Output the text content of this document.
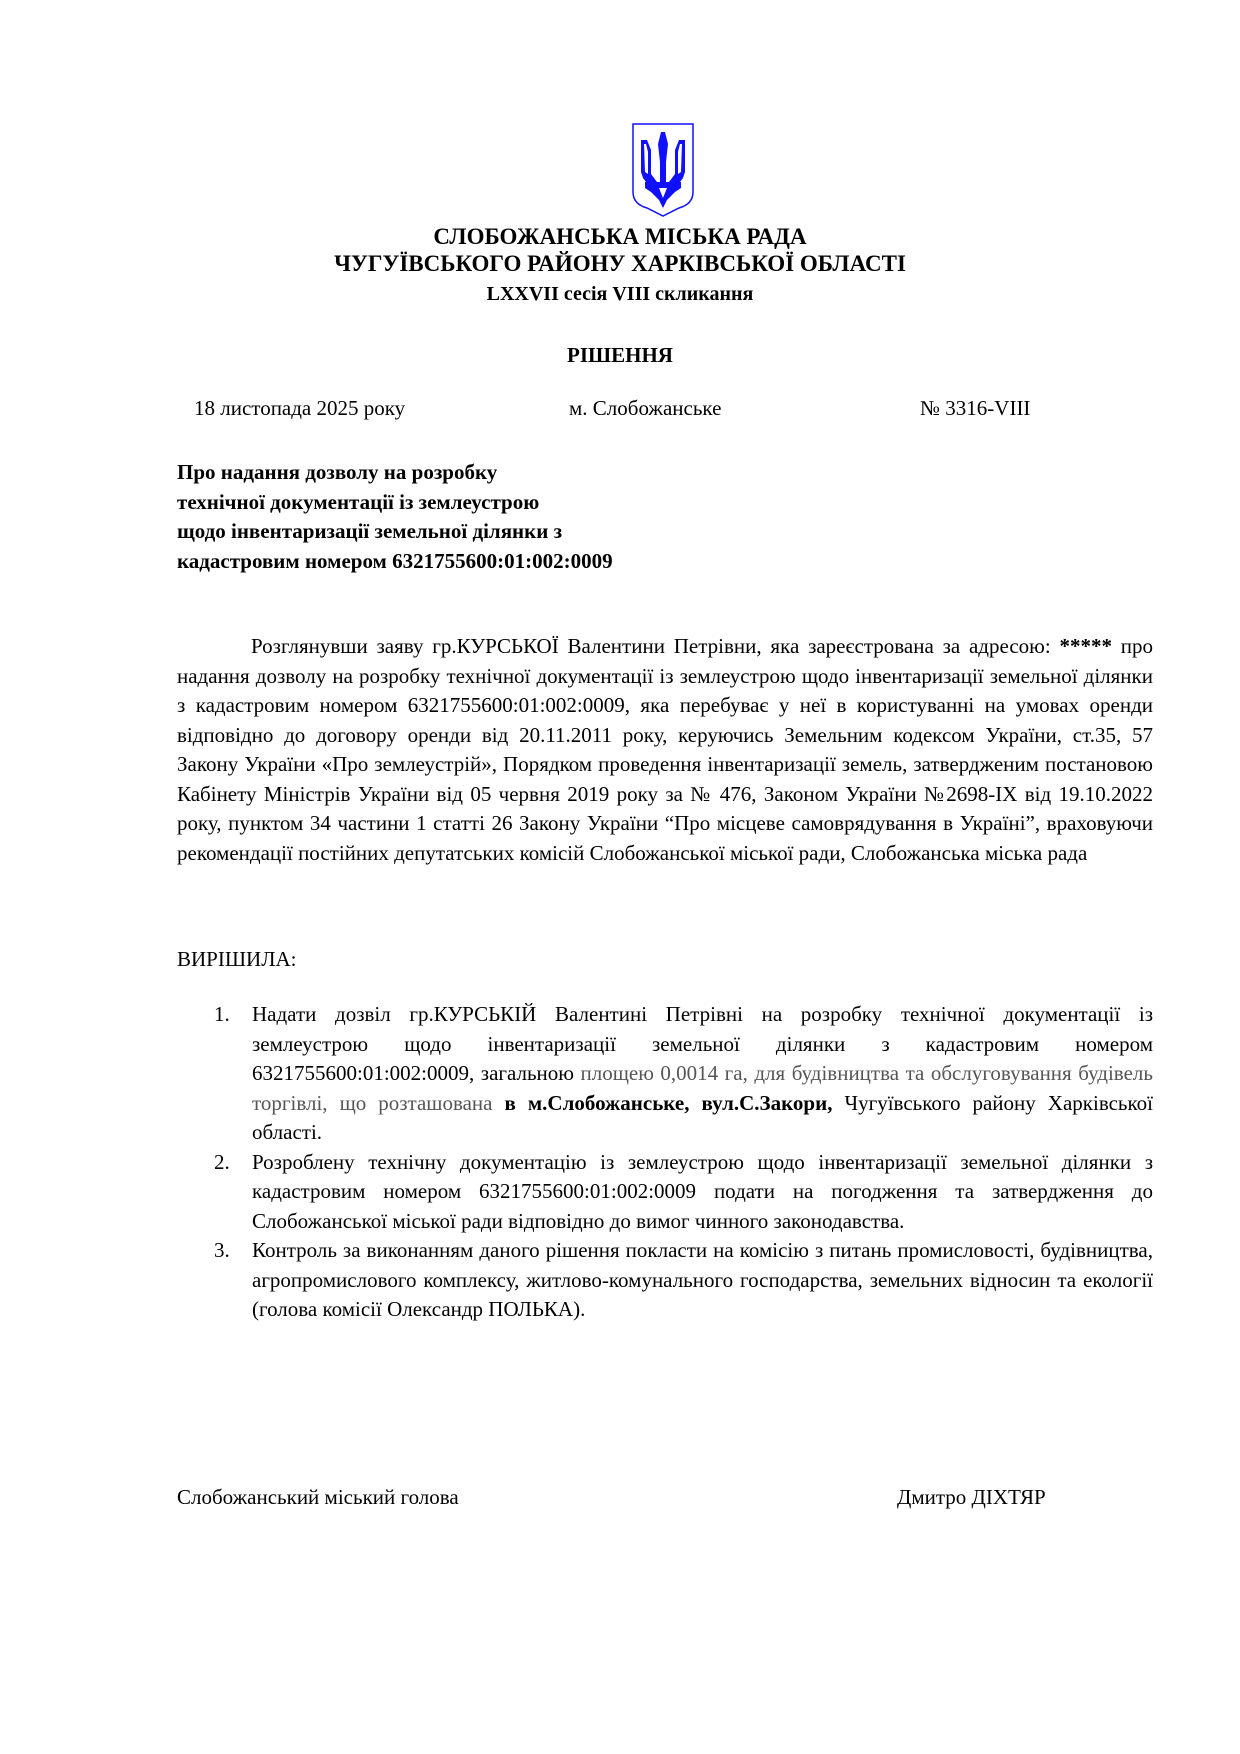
СЛОБОЖАНСЬКА МІСЬКА РАДА
ЧУГУЇВСЬКОГО РАЙОНУ ХАРКІВСЬКОЇ ОБЛАСТІ
LXXVII сесія VIII скликання
РІШЕННЯ
18 листопада 2025 року	м. Слобожанське	№ 3316-VIII
Про надання дозволу на розробку
технічної документації із землеустрою
щодо інвентаризації земельної ділянки з
кадастровим номером 6321755600:01:002:0009
Розглянувши заяву гр.КУРСЬКОЇ Валентини Петрівни, яка зареєстрована за адресою: ***** про надання дозволу на розробку технічної документації із землеустрою щодо інвентаризації земельної ділянки з кадастровим номером 6321755600:01:002:0009, яка перебуває у неї в користуванні на умовах оренди відповідно до договору оренди від 20.11.2011 року, керуючись Земельним кодексом України, ст.35, 57 Закону України «Про землеустрій», Порядком проведення інвентаризації земель, затвердженим постановою Кабінету Міністрів України від 05 червня 2019 року за № 476, Законом України №2698-IX від 19.10.2022 року, пунктом 34 частини 1 статті 26 Закону України “Про місцеве самоврядування в Україні”, враховуючи рекомендації постійних депутатських комісій Слобожанської міської ради, Слобожанська міська рада
ВИРІШИЛА:
1. Надати дозвіл гр.КУРСЬКІЙ Валентині Петрівні на розробку технічної документації із землеустрою щодо інвентаризації земельної ділянки з кадастровим номером 6321755600:01:002:0009, загальною площею 0,0014 га, для будівництва та обслуговування будівель торгівлі, що розташована в м.Слобожанське, вул.С.Закори, Чугуївського району Харківської області.
2. Розроблену технічну документацію із землеустрою щодо інвентаризації земельної ділянки з кадастровим номером 6321755600:01:002:0009 подати на погодження та затвердження до Слобожанської міської ради відповідно до вимог чинного законодавства.
3. Контроль за виконанням даного рішення покласти на комісію з питань промисловості, будівництва, агропромислового комплексу, житлово-комунального господарства, земельних відносин та екології (голова комісії Олександр ПОЛЬКА).
Слобожанський міський голова	Дмитро ДІХТЯР
